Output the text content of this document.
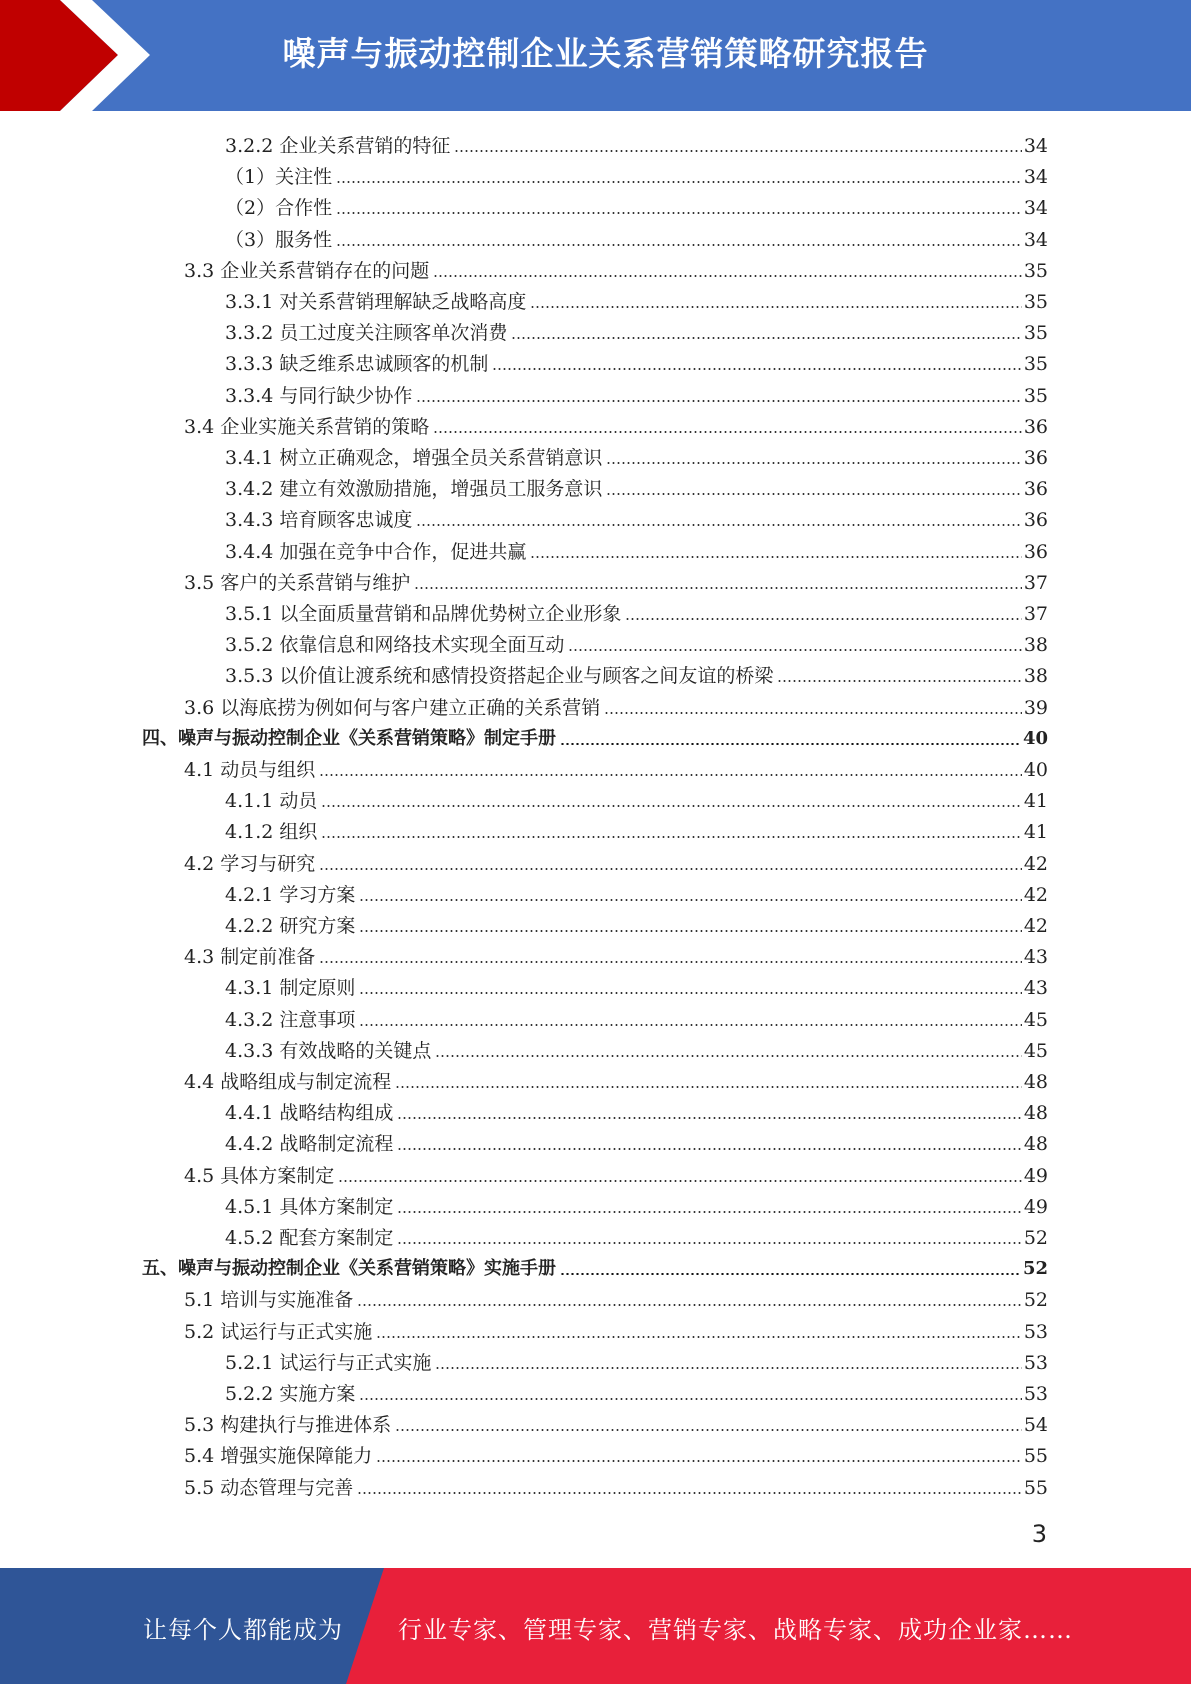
噪声与振动控制企业关系营销策略研究报告
3.2.2 企业关系营销的特征	34
（1）关注性	34
（2）合作性	34
（3）服务性	34
3.3 企业关系营销存在的问题	35
3.3.1 对关系营销理解缺乏战略高度	35
3.3.2 员工过度关注顾客单次消费	35
3.3.3 缺乏维系忠诚顾客的机制	35
3.3.4 与同行缺少协作	35
3.4 企业实施关系营销的策略	36
3.4.1 树立正确观念，增强全员关系营销意识	36
3.4.2 建立有效激励措施，增强员工服务意识	36
3.4.3 培育顾客忠诚度	36
3.4.4 加强在竞争中合作，促进共赢	36
3.5 客户的关系营销与维护	37
3.5.1 以全面质量营销和品牌优势树立企业形象	37
3.5.2 依靠信息和网络技术实现全面互动	38
3.5.3 以价值让渡系统和感情投资搭起企业与顾客之间友谊的桥梁	38
3.6 以海底捞为例如何与客户建立正确的关系营销	39
四、噪声与振动控制企业《关系营销策略》制定手册	40
4.1 动员与组织	40
4.1.1 动员	41
4.1.2 组织	41
4.2 学习与研究	42
4.2.1 学习方案	42
4.2.2 研究方案	42
4.3 制定前准备	43
4.3.1 制定原则	43
4.3.2 注意事项	45
4.3.3 有效战略的关键点	45
4.4 战略组成与制定流程	48
4.4.1 战略结构组成	48
4.4.2 战略制定流程	48
4.5 具体方案制定	49
4.5.1 具体方案制定	49
4.5.2 配套方案制定	52
五、噪声与振动控制企业《关系营销策略》实施手册	52
5.1 培训与实施准备	52
5.2 试运行与正式实施	53
5.2.1 试运行与正式实施	53
5.2.2 实施方案	53
5.3 构建执行与推进体系	54
5.4 增强实施保障能力	55
5.5 动态管理与完善	55
3
让每个人都能成为 行业专家、管理专家、营销专家、战略专家、成功企业家……
